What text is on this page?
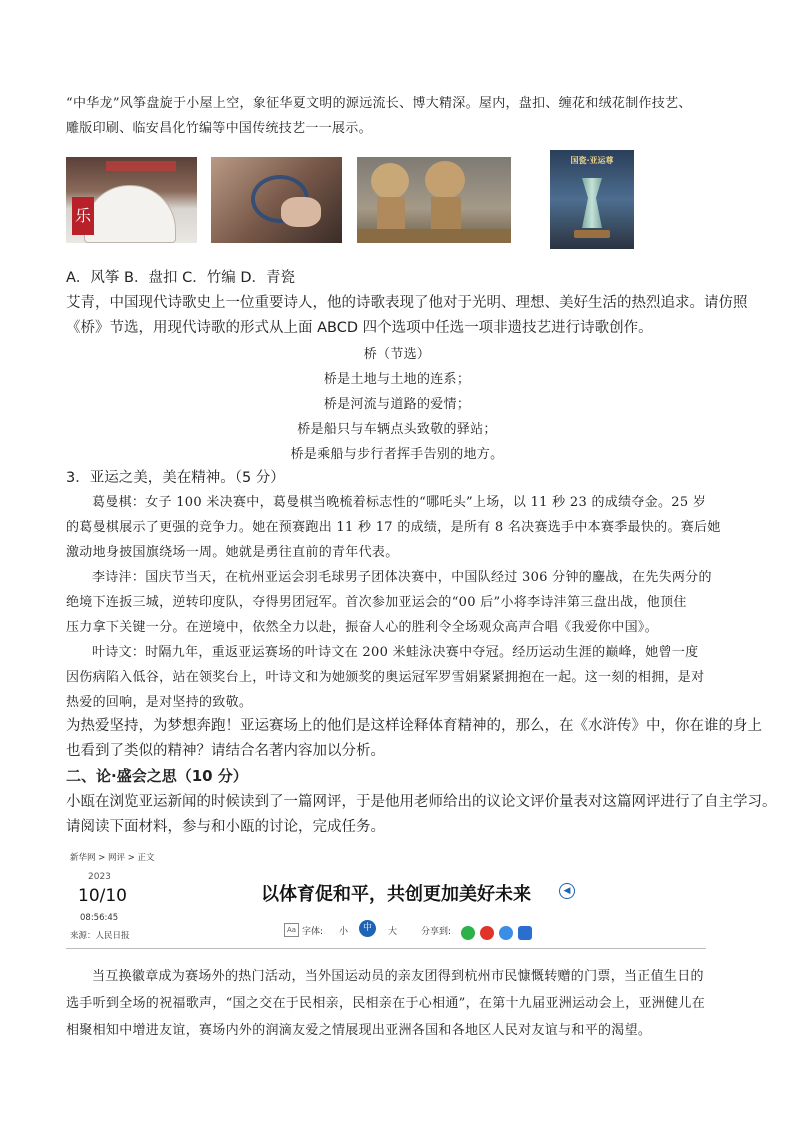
“中华龙”风筝盘旋于小屋上空，象征华夏文明的源远流长、博大精深。屋内，盘扣、缠花和绒花制作技艺、
雕版印刷、临安昌化竹编等中国传统技艺一一展示。
乐
国瓷·亚运尊
A．风筝 B．盘扣 C．竹编 D．青瓷
艾青，中国现代诗歌史上一位重要诗人，他的诗歌表现了他对于光明、理想、美好生活的热烈追求。请仿照
《桥》节选，用现代诗歌的形式从上面 ABCD 四个选项中任选一项非遗技艺进行诗歌创作。
桥（节选）
桥是土地与土地的连系；
桥是河流与道路的爱情；
桥是船只与车辆点头致敬的驿站；
桥是乘船与步行者挥手告别的地方。
3．亚运之美，美在精神。（5 分）
葛曼棋：女子 100 米决赛中，葛曼棋当晚梳着标志性的“哪吒头”上场，以 11 秒 23 的成绩夺金。25 岁
的葛曼棋展示了更强的竞争力。她在预赛跑出 11 秒 17 的成绩，是所有 8 名决赛选手中本赛季最快的。赛后她
激动地身披国旗绕场一周。她就是勇往直前的青年代表。
李诗沣：国庆节当天，在杭州亚运会羽毛球男子团体决赛中，中国队经过 306 分钟的鏖战，在先失两分的
绝境下连扳三城，逆转印度队，夺得男团冠军。首次参加亚运会的“00 后”小将李诗沣第三盘出战，他顶住
压力拿下关键一分。在逆境中，依然全力以赴，振奋人心的胜利令全场观众高声合唱《我爱你中国》。
叶诗文：时隔九年，重返亚运赛场的叶诗文在 200 米蛙泳决赛中夺冠。经历运动生涯的巅峰，她曾一度
因伤病陷入低谷，站在领奖台上，叶诗文和为她颁奖的奥运冠军罗雪娟紧紧拥抱在一起。这一刻的相拥，是对
热爱的回响，是对坚持的致敬。
为热爱坚持，为梦想奔跑！亚运赛场上的他们是这样诠释体育精神的，那么，在《水浒传》中，你在谁的身上
也看到了类似的精神？请结合名著内容加以分析。
二、论·盛会之思（10 分）
小瓯在浏览亚运新闻的时候读到了一篇网评，于是他用老师给出的议论文评价量表对这篇网评进行了自主学习。
请阅读下面材料，参与和小瓯的讨论，完成任务。
新华网 > 网评 > 正文
2023
10/10
08:56:45
来源：人民日报
以体育促和平，共创更加美好未来	◀
Aa 字体: 小	中	大	分享到:
当互换徽章成为赛场外的热门活动，当外国运动员的亲友团得到杭州市民慷慨转赠的门票，当正值生日的
选手听到全场的祝福歌声，“国之交在于民相亲，民相亲在于心相通”，在第十九届亚洲运动会上，亚洲健儿在
相聚相知中增进友谊，赛场内外的润滴友爱之情展现出亚洲各国和各地区人民对友谊与和平的渴望。
